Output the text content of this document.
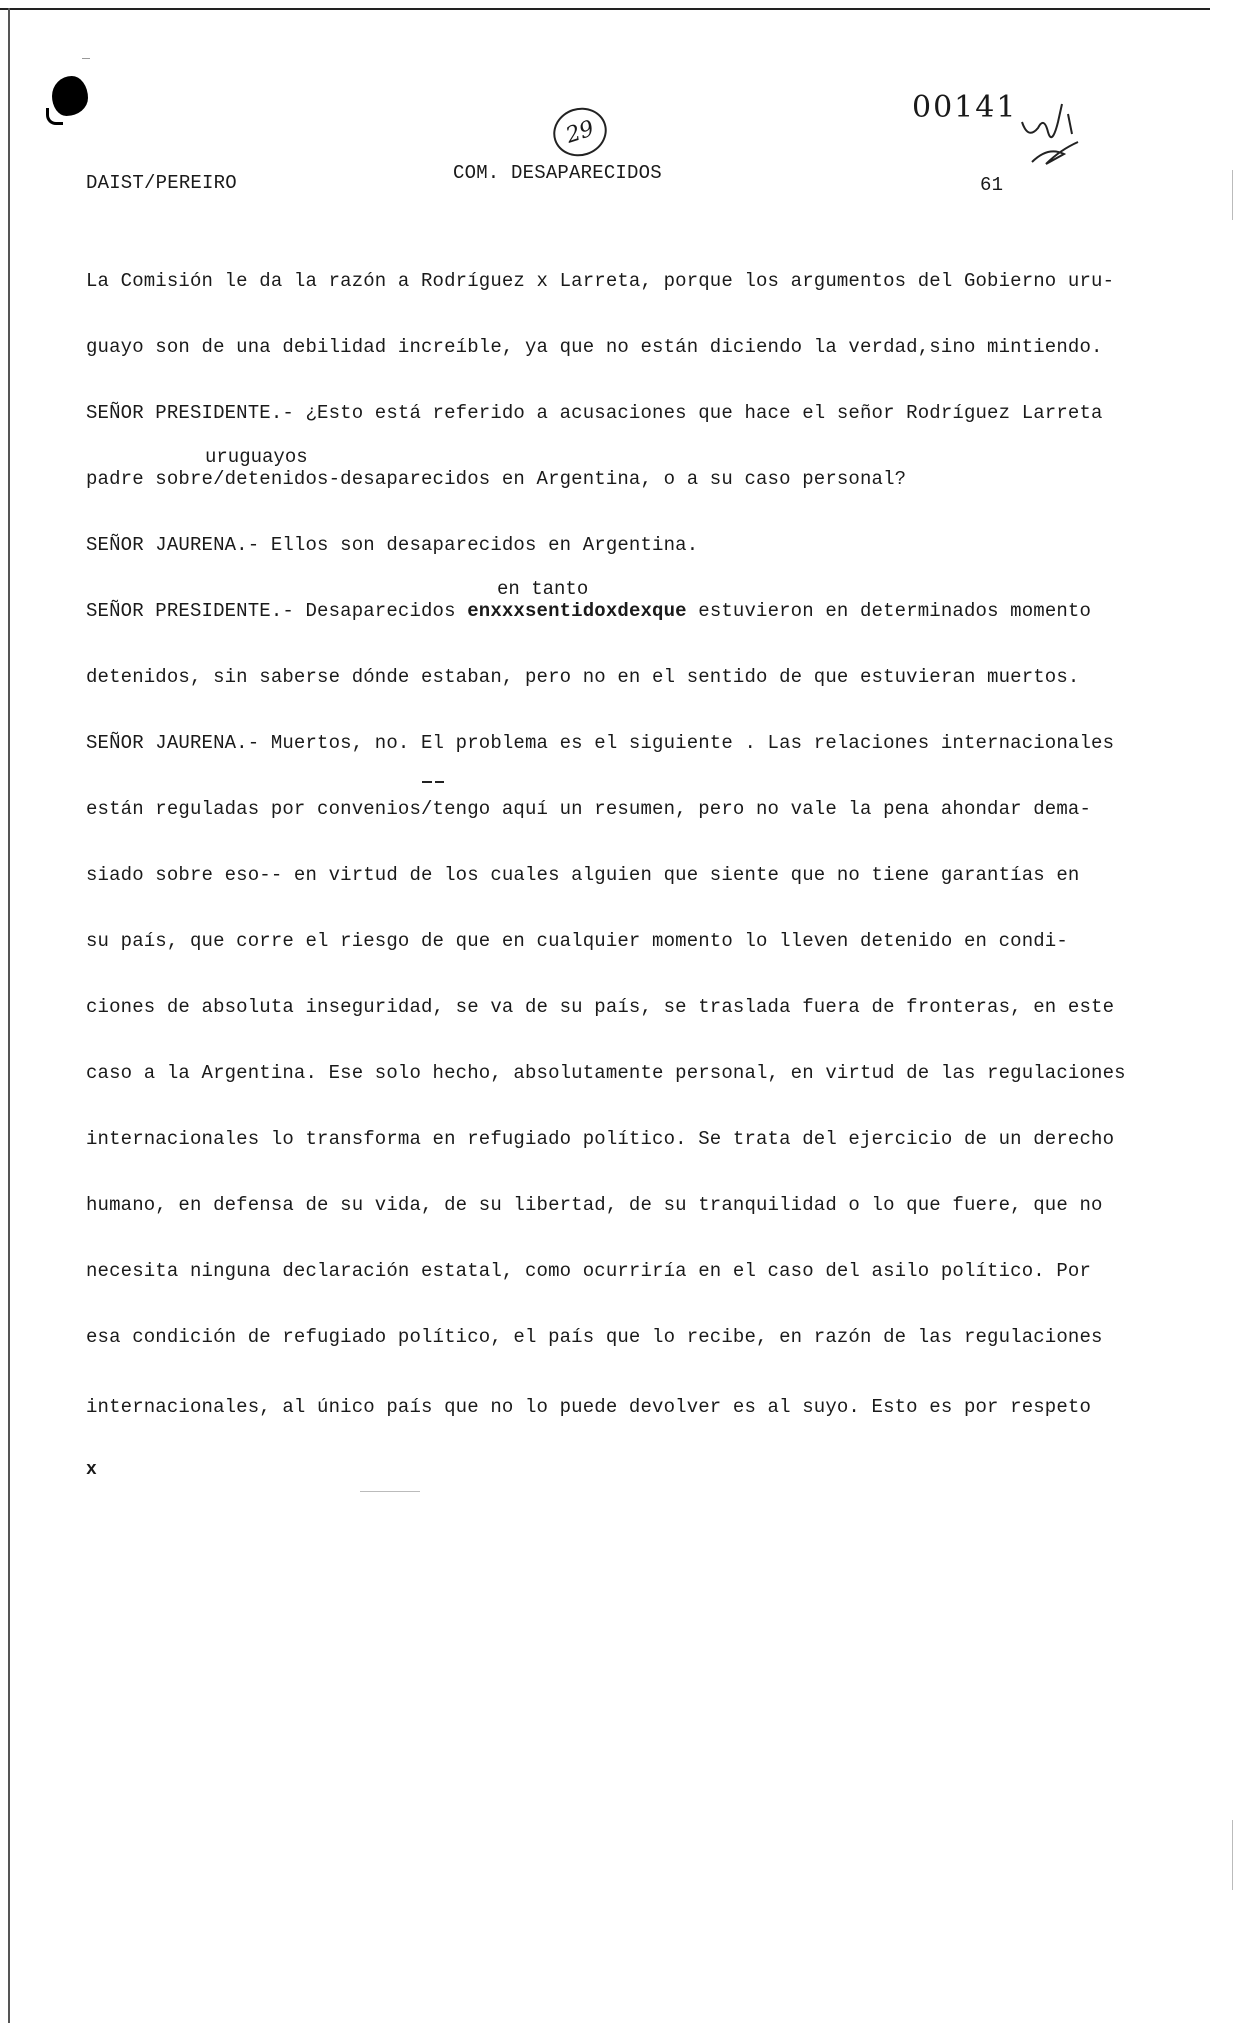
DAIST/PEREIRO	COM. DESAPARECIDOS
61
29
00141
La Comisión le da la razón a Rodríguez x Larreta, porque los argumentos del Gobierno uru-
guayo son de una debilidad increíble, ya que no están diciendo la verdad,sino mintiendo.
SEÑOR PRESIDENTE.- ¿Esto está referido a acusaciones que hace el señor Rodríguez Larreta
uruguayos
padre sobre/detenidos-desaparecidos en Argentina, o a su caso personal?
SEÑOR JAURENA.- Ellos son desaparecidos en Argentina.
en tanto
SEÑOR PRESIDENTE.- Desaparecidos enxxxsentidoxdexque estuvieron en determinados momento
detenidos, sin saberse dónde estaban, pero no en el sentido de que estuvieran muertos.
SEÑOR JAURENA.- Muertos, no. El problema es el siguiente . Las relaciones internacionales
están reguladas por convenios/tengo aquí un resumen, pero no vale la pena ahondar dema-
siado sobre eso-- en virtud de los cuales alguien que siente que no tiene garantías en
su país, que corre el riesgo de que en cualquier momento lo lleven detenido en condi-
ciones de absoluta inseguridad, se va de su país, se traslada fuera de fronteras, en este
caso a la Argentina. Ese solo hecho, absolutamente personal, en virtud de las regulaciones
internacionales lo transforma en refugiado político. Se trata del ejercicio de un derecho
humano, en defensa de su vida, de su libertad, de su tranquilidad o lo que fuere, que no
necesita ninguna declaración estatal, como ocurriría en el caso del asilo político. Por
esa condición de refugiado político, el país que lo recibe, en razón de las regulaciones
internacionales, al único país que no lo puede devolver es al suyo. Esto es por respeto
x
